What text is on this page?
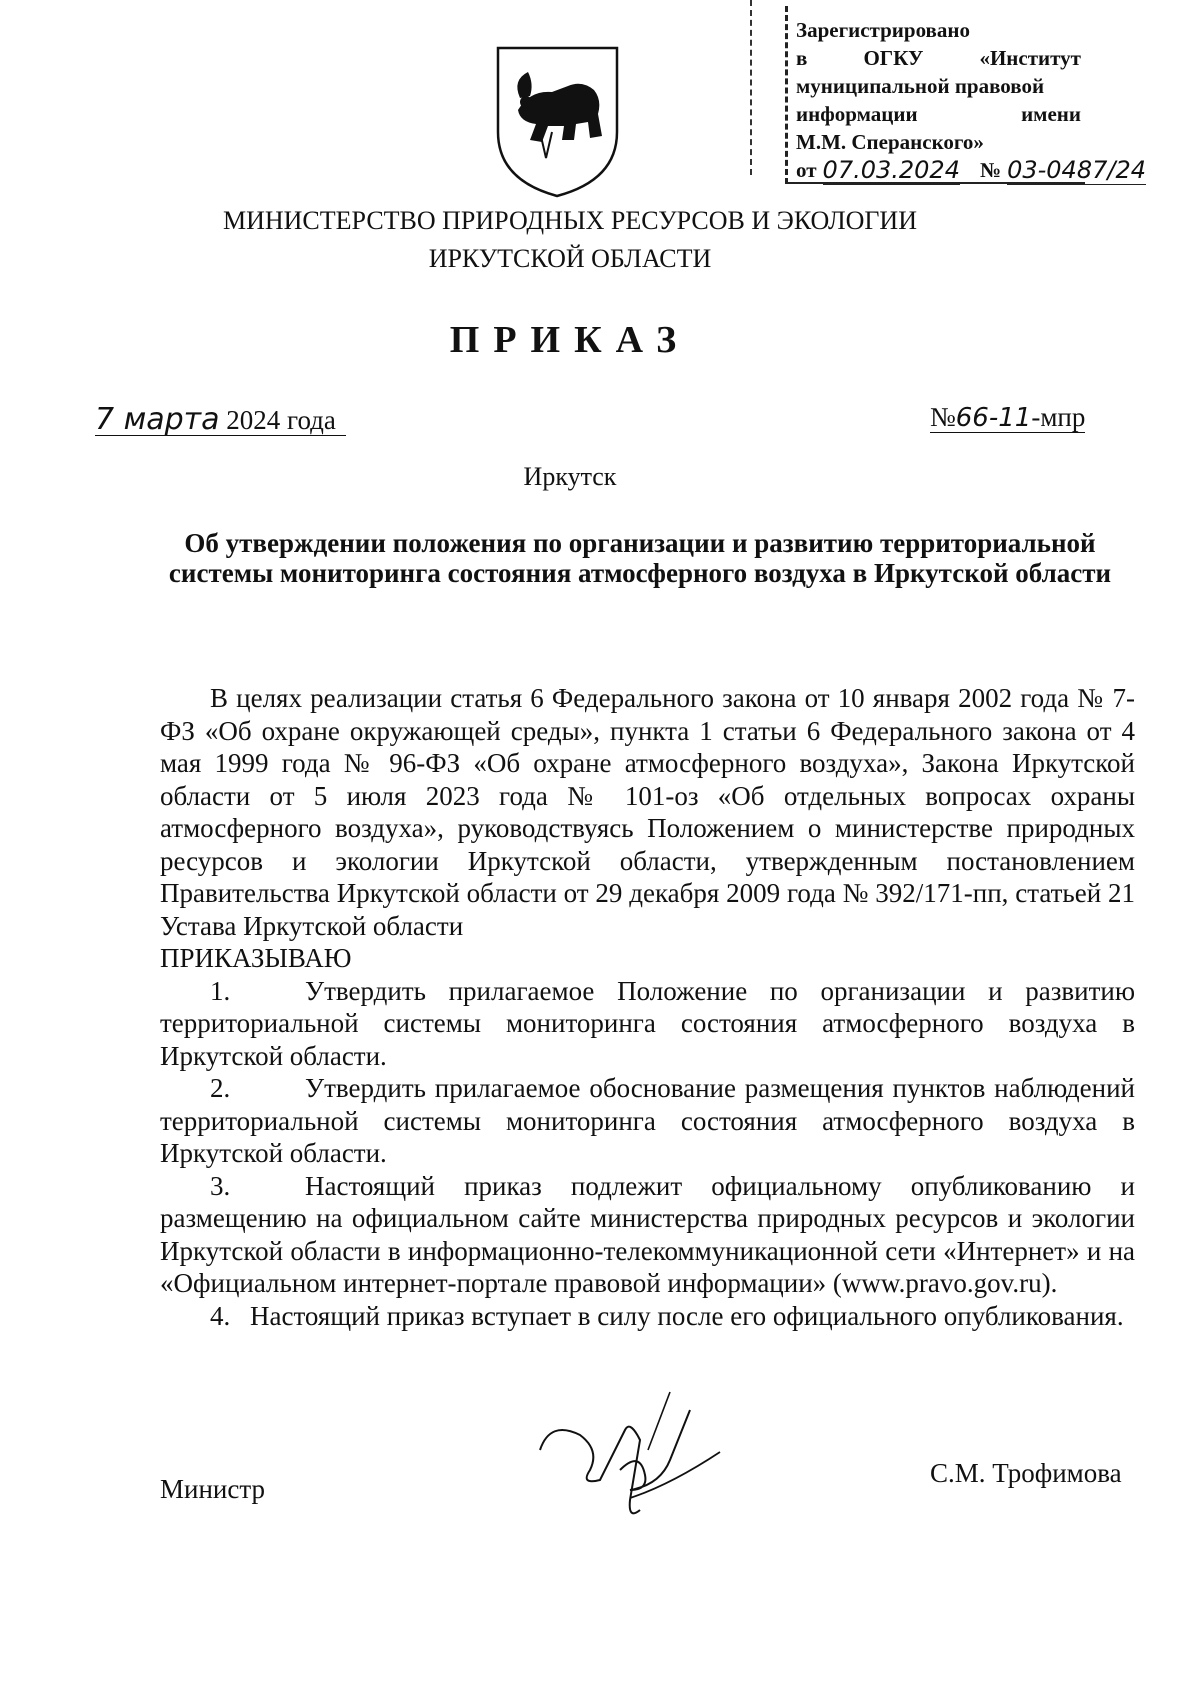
Зарегистрировано
в	ОГКУ	«Институт
муниципальной правовой
информации	имени
М.М. Сперанского»
от 07.03.2024 № 03-0487/24
МИНИСТЕРСТВО ПРИРОДНЫХ РЕСУРСОВ И ЭКОЛОГИИ
ИРКУТСКОЙ ОБЛАСТИ
ПРИКАЗ
7 марта 2024 года	№66-11-мпр
Иркутск
Об утверждении положения по организации и развитию территориальной системы мониторинга состояния атмосферного воздуха в Иркутской области

В целях реализации статья 6 Федерального закона от 10 января 2002 года № 7-ФЗ «Об охране окружающей среды», пункта 1 статьи 6 Федерального закона от 4 мая 1999 года № 96-ФЗ «Об охране атмосферного воздуха», Закона Иркутской области от 5 июля 2023 года № 101-оз «Об отдельных вопросах охраны атмосферного воздуха», руководствуясь Положением о министерстве природных ресурсов и экологии Иркутской области, утвержденным постановлением Правительства Иркутской области от 29 декабря 2009 года № 392/171-пп, статьей 21 Устава Иркутской области

ПРИКАЗЫВАЮ

1.	Утвердить прилагаемое Положение по организации и развитию территориальной системы мониторинга состояния атмосферного воздуха в Иркутской области.

2.	Утвердить прилагаемое обоснование размещения пунктов наблюдений территориальной системы мониторинга состояния атмосферного воздуха в Иркутской области.

3.	Настоящий приказ подлежит официальному опубликованию и размещению на официальном сайте министерства природных ресурсов и экологии Иркутской области в информационно-телекоммуникационной сети «Интернет» и на «Официальном интернет-портале правовой информации» (www.pravo.gov.ru).

4. Настоящий приказ вступает в силу после его официального опубликования.

Министр
С.М. Трофимова
